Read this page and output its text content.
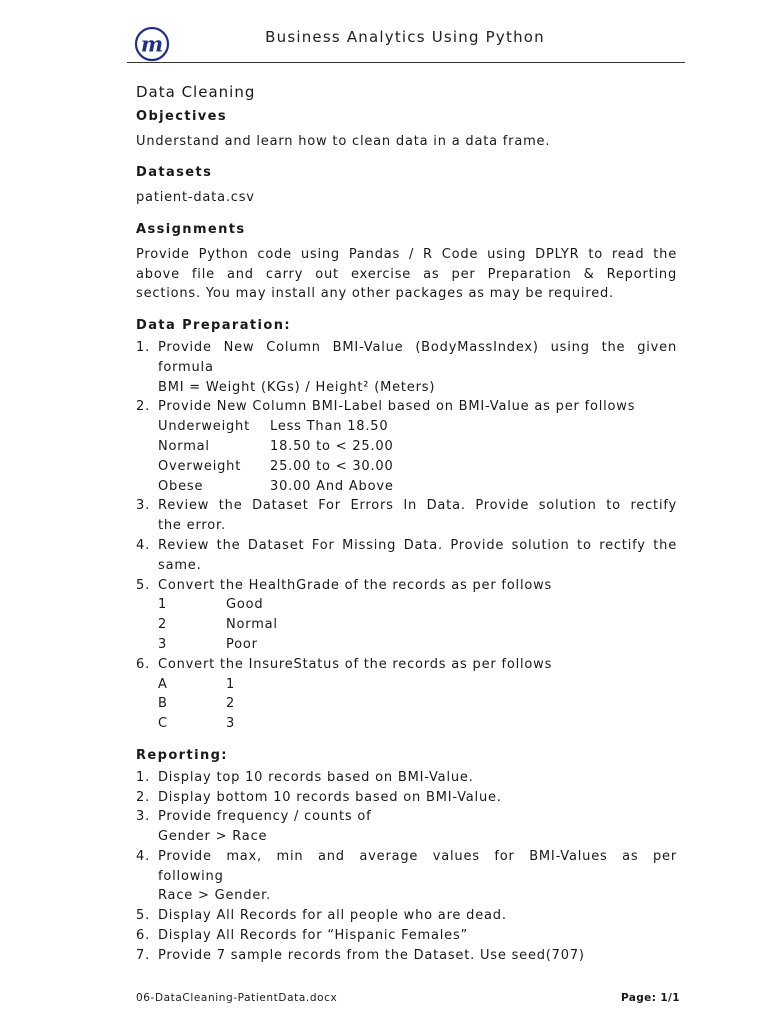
m	Business Analytics Using Python
Data Cleaning
Objectives

Understand and learn how to clean data in a data frame.

Datasets

patient-data.csv

Assignments

Provide Python code using Pandas / R Code using DPLYR to read the

above file and carry out exercise as per Preparation & Reporting

sections. You may install any other packages as may be required.

Data Preparation:
1. Provide New Column BMI-Value (BodyMassIndex) using the given
formula
BMI = Weight (KGs) / Height² (Meters)
2. Provide New Column BMI-Label based on BMI-Value as per follows
Underweight	Less Than 18.50
Normal	18.50 to < 25.00
Overweight	25.00 to < 30.00
Obese	30.00 And Above
3. Review the Dataset For Errors In Data. Provide solution to rectify
the error.
4. Review the Dataset For Missing Data. Provide solution to rectify the
same.
5. Convert the HealthGrade of the records as per follows
1	Good
2	Normal
3	Poor
6. Convert the InsureStatus of the records as per follows
A	1
B	2
C	3
Reporting:
1. Display top 10 records based on BMI-Value.
2. Display bottom 10 records based on BMI-Value.
3. Provide frequency / counts of
Gender > Race
4. Provide max, min and average values for BMI-Values as per
following
Race > Gender.
5. Display All Records for all people who are dead.
6. Display All Records for “Hispanic Females”
7. Provide 7 sample records from the Dataset. Use seed(707)
06-DataCleaning-PatientData.docx	Page: 1/1
